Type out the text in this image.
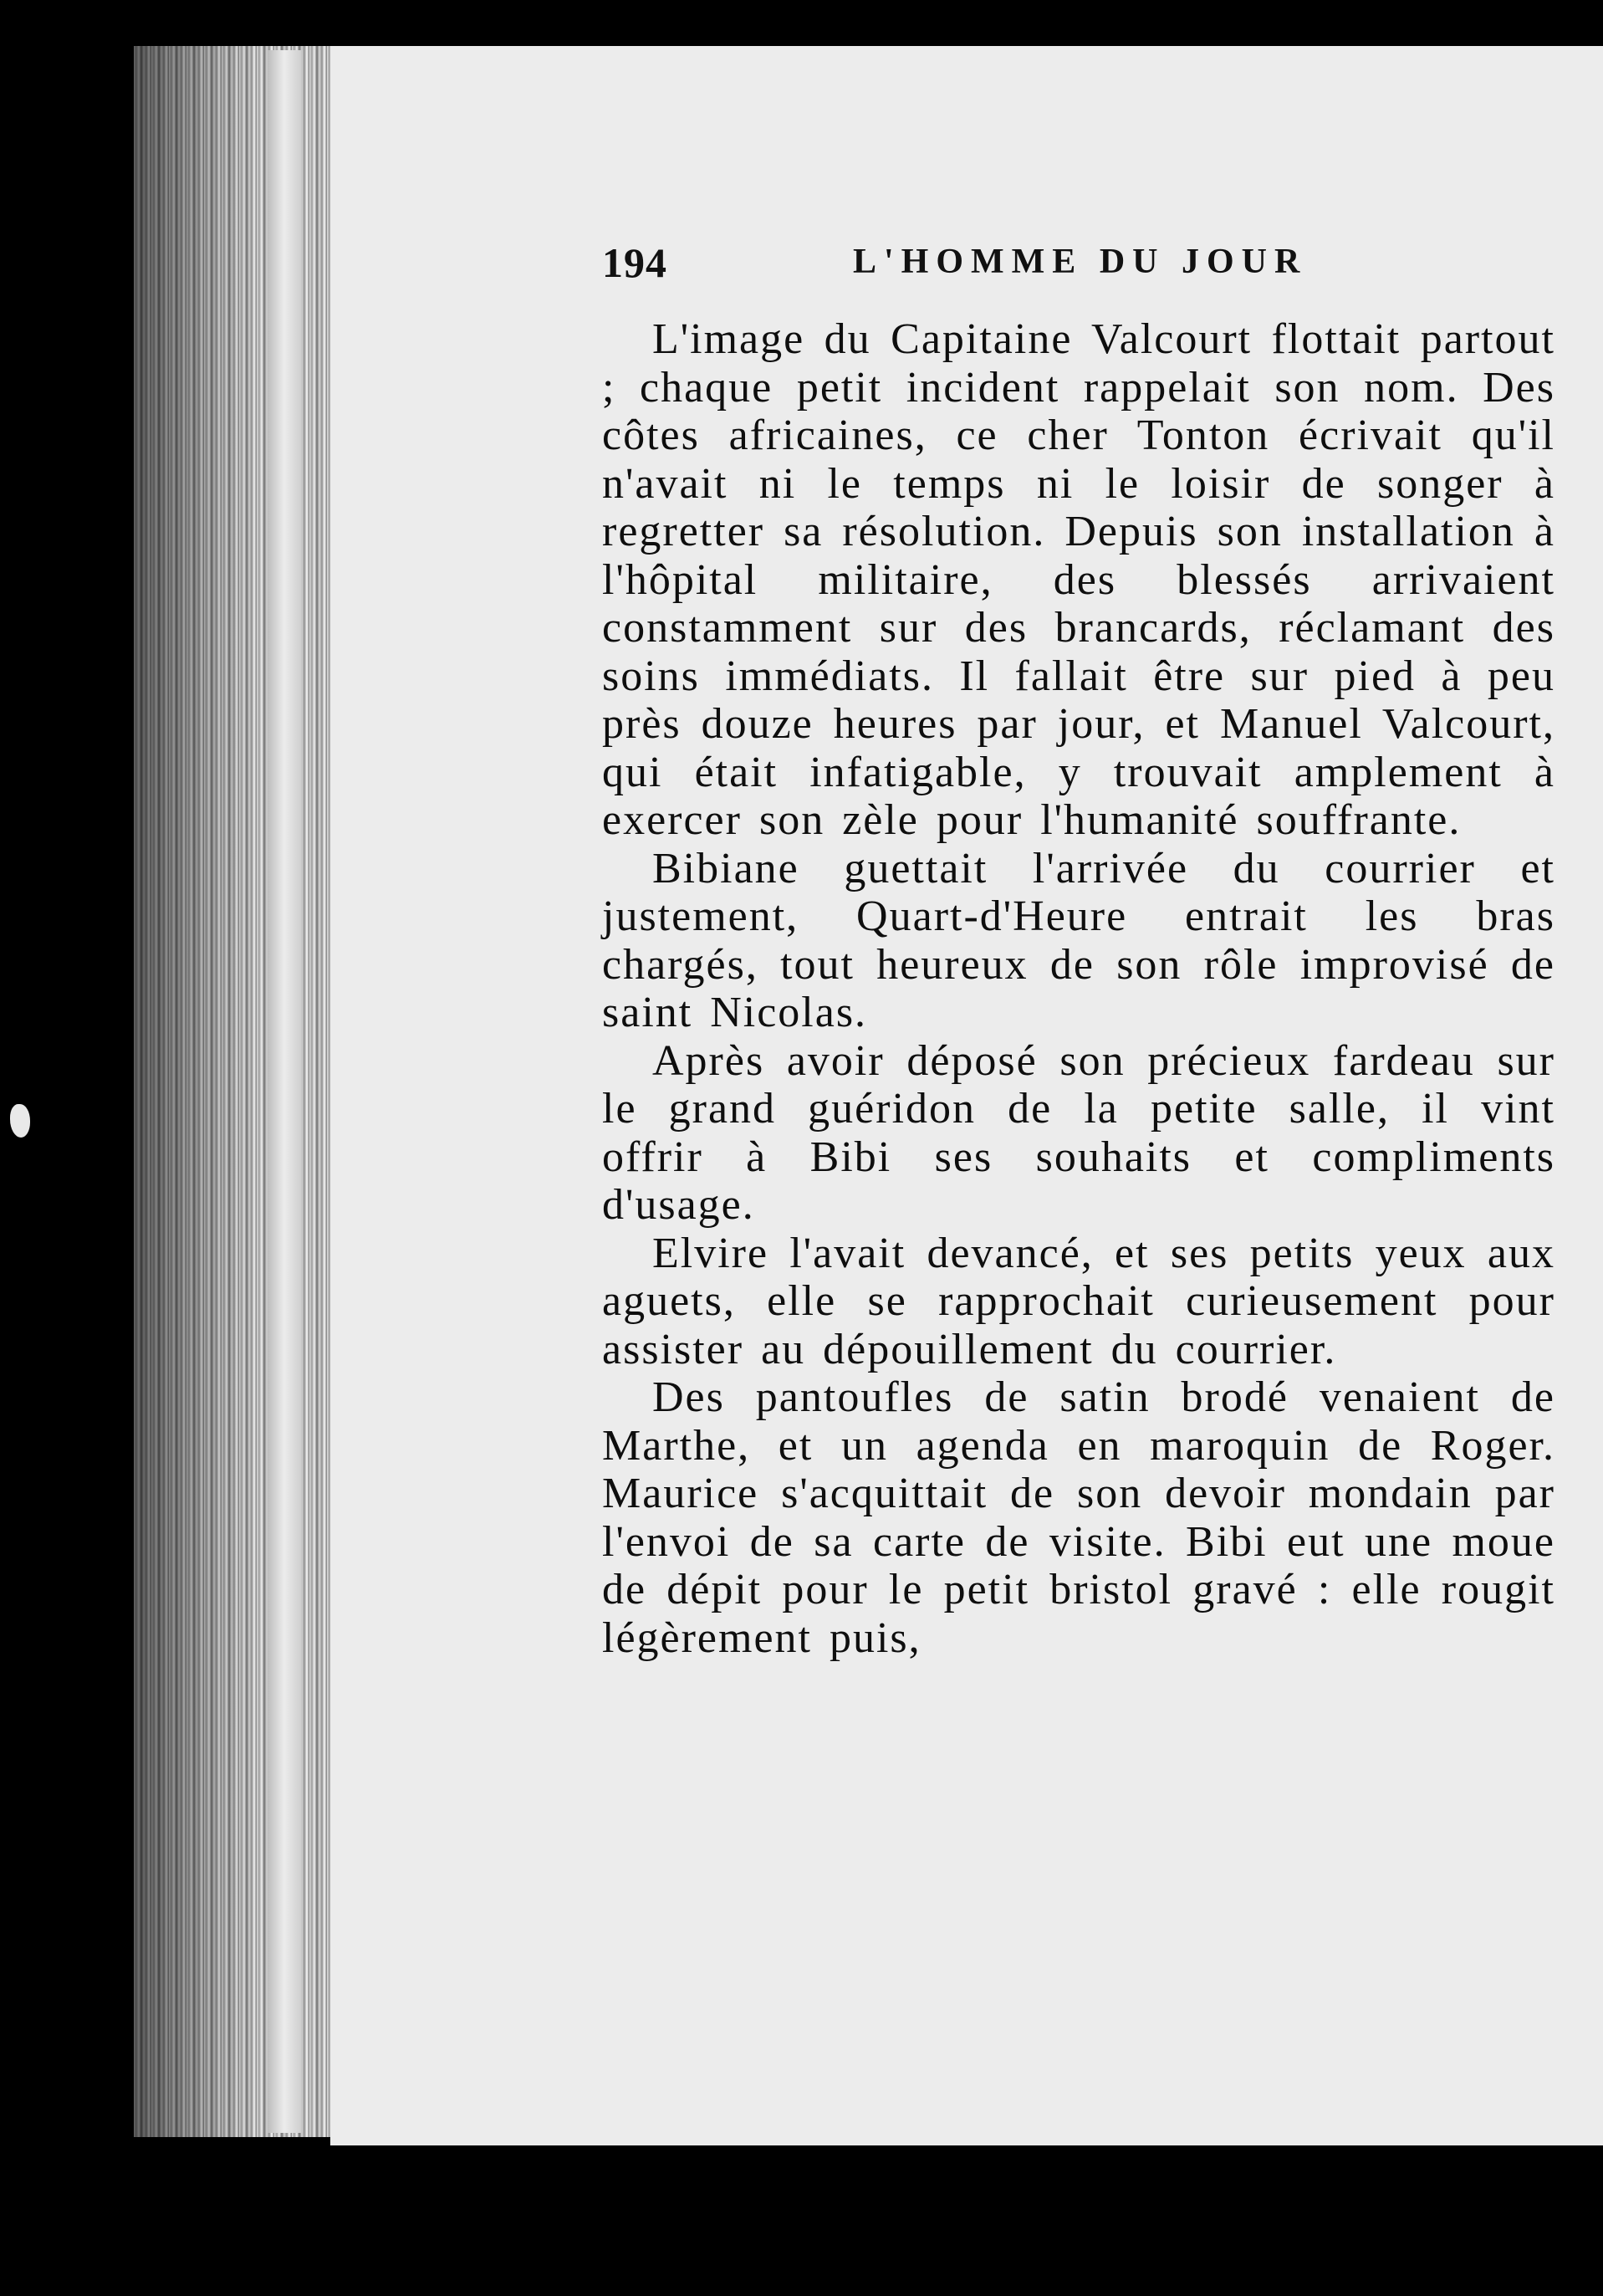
194	L'HOMME DU JOUR

L'image du Capitaine Valcourt flottait partout ; chaque petit incident rappelait son nom. Des côtes africaines, ce cher Tonton écrivait qu'il n'avait ni le temps ni le loisir de songer à regretter sa résolution. Depuis son installation à l'hôpital militaire, des blessés arrivaient constamment sur des brancards, réclamant des soins immédiats. Il fallait être sur pied à peu près douze heures par jour, et Manuel Valcourt, qui était infatigable, y trouvait amplement à exercer son zèle pour l'humanité souffrante.

Bibiane guettait l'arrivée du courrier et justement, Quart-d'Heure entrait les bras chargés, tout heureux de son rôle improvisé de saint Nicolas.

Après avoir déposé son précieux fardeau sur le grand guéridon de la petite salle, il vint offrir à Bibi ses souhaits et compliments d'usage.

Elvire l'avait devancé, et ses petits yeux aux aguets, elle se rapprochait curieusement pour assister au dépouillement du courrier.

Des pantoufles de satin brodé venaient de Marthe, et un agenda en maroquin de Roger. Maurice s'acquittait de son devoir mondain par l'envoi de sa carte de visite. Bibi eut une moue de dépit pour le petit bristol gravé : elle rougit légèrement puis,
